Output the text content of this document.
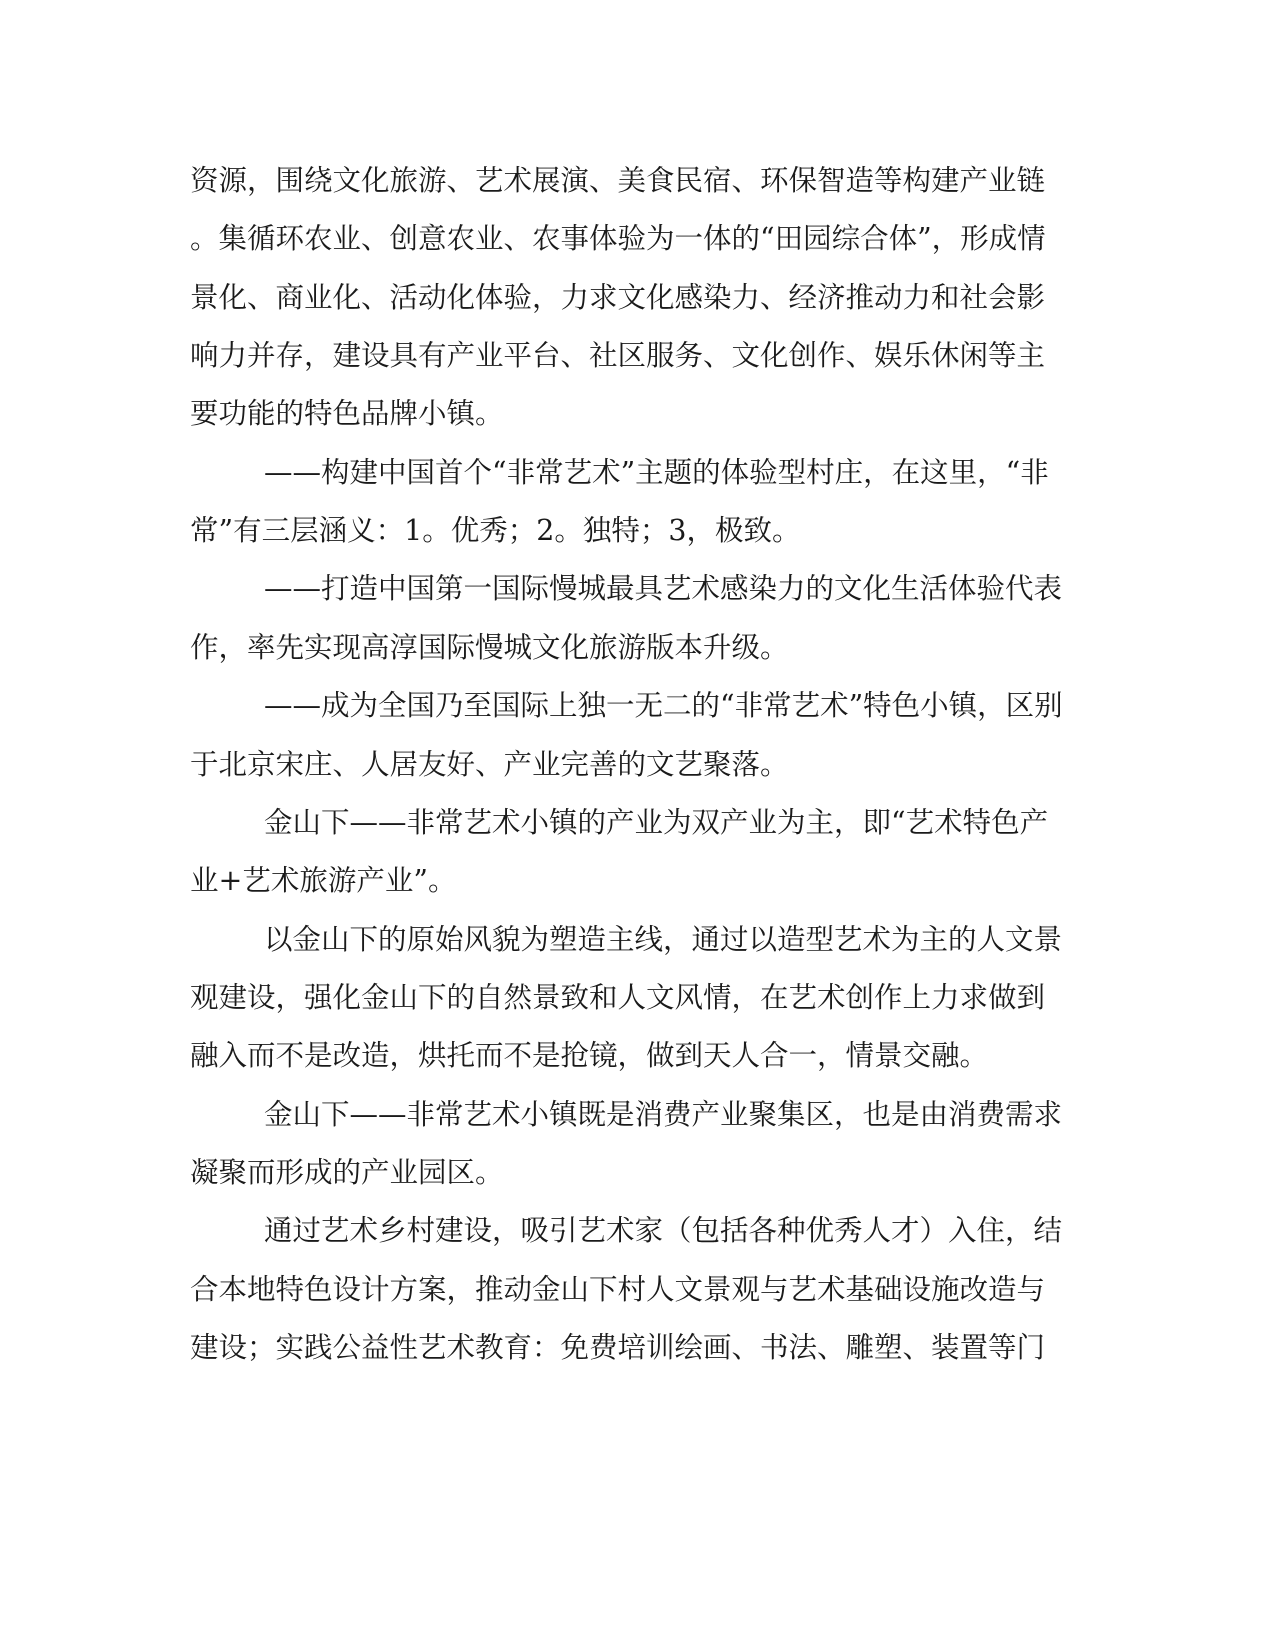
资源，围绕文化旅游、艺术展演、美食民宿、环保智造等构建产业链
。集循环农业、创意农业、农事体验为一体的“田园综合体”，形成情
景化、商业化、活动化体验，力求文化感染力、经济推动力和社会影
响力并存，建设具有产业平台、社区服务、文化创作、娱乐休闲等主
要功能的特色品牌小镇。
——构建中国首个“非常艺术”主题的体验型村庄，在这里，“非
常”有三层涵义：1。优秀；2。独特；3，极致。
——打造中国第一国际慢城最具艺术感染力的文化生活体验代表
作，率先实现高淳国际慢城文化旅游版本升级。
——成为全国乃至国际上独一无二的“非常艺术”特色小镇，区别
于北京宋庄、人居友好、产业完善的文艺聚落。
金山下——非常艺术小镇的产业为双产业为主，即“艺术特色产
业+艺术旅游产业”。
以金山下的原始风貌为塑造主线，通过以造型艺术为主的人文景
观建设，强化金山下的自然景致和人文风情，在艺术创作上力求做到
融入而不是改造，烘托而不是抢镜，做到天人合一，情景交融。
金山下——非常艺术小镇既是消费产业聚集区，也是由消费需求
凝聚而形成的产业园区。
通过艺术乡村建设，吸引艺术家（包括各种优秀人才）入住，结
合本地特色设计方案，推动金山下村人文景观与艺术基础设施改造与
建设；实践公益性艺术教育：免费培训绘画、书法、雕塑、装置等门
